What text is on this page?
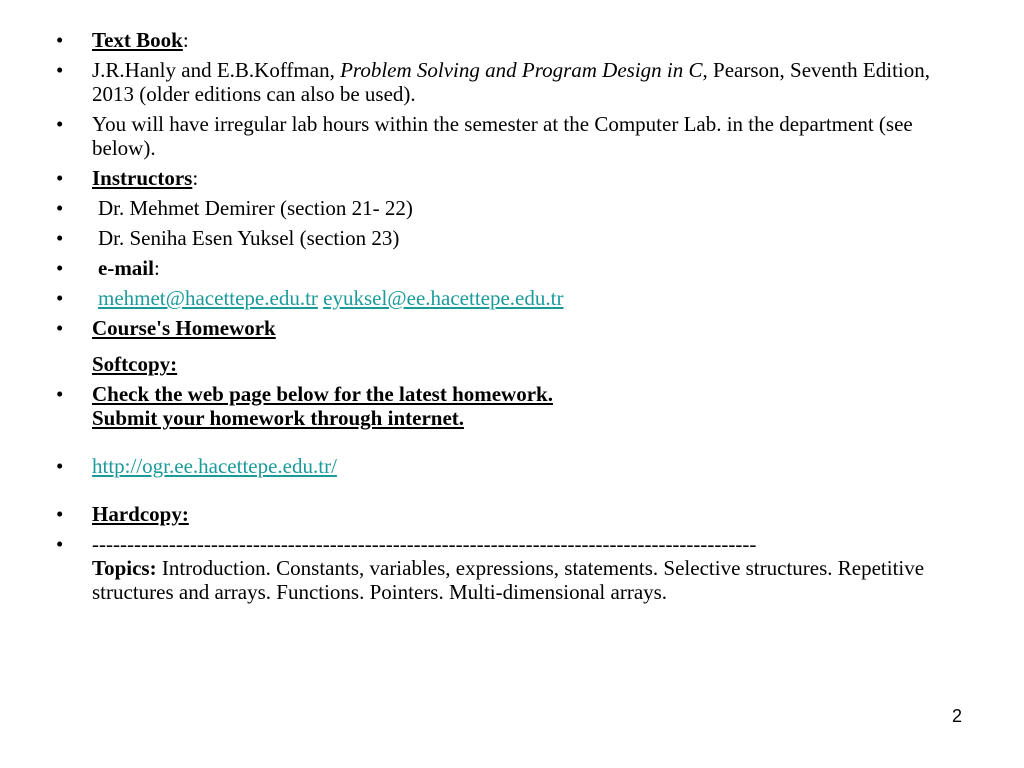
•	Text Book:
•	J.R.Hanly and E.B.Koffman, Problem Solving and Program Design in C, Pearson, Seventh Edition, 2013 (older editions can also be used).
•	You will have irregular lab hours within the semester at the Computer Lab. in the department (see below).
•	Instructors:
•	Dr. Mehmet Demirer (section 21- 22)
•	Dr. Seniha Esen Yuksel (section 23)
•	e-mail:
•	mehmet@hacettepe.edu.tr eyuksel@ee.hacettepe.edu.tr
•	Course's Homework
Softcopy:
•	Check the web page below for the latest homework.
Submit your homework through internet.
•	http://ogr.ee.hacettepe.edu.tr/
•	Hardcopy:
•	-----------------------------------------------------------------------------------------------
Topics: Introduction. Constants, variables, expressions, statements. Selective structures. Repetitive structures and arrays. Functions. Pointers. Multi-dimensional arrays.
2
